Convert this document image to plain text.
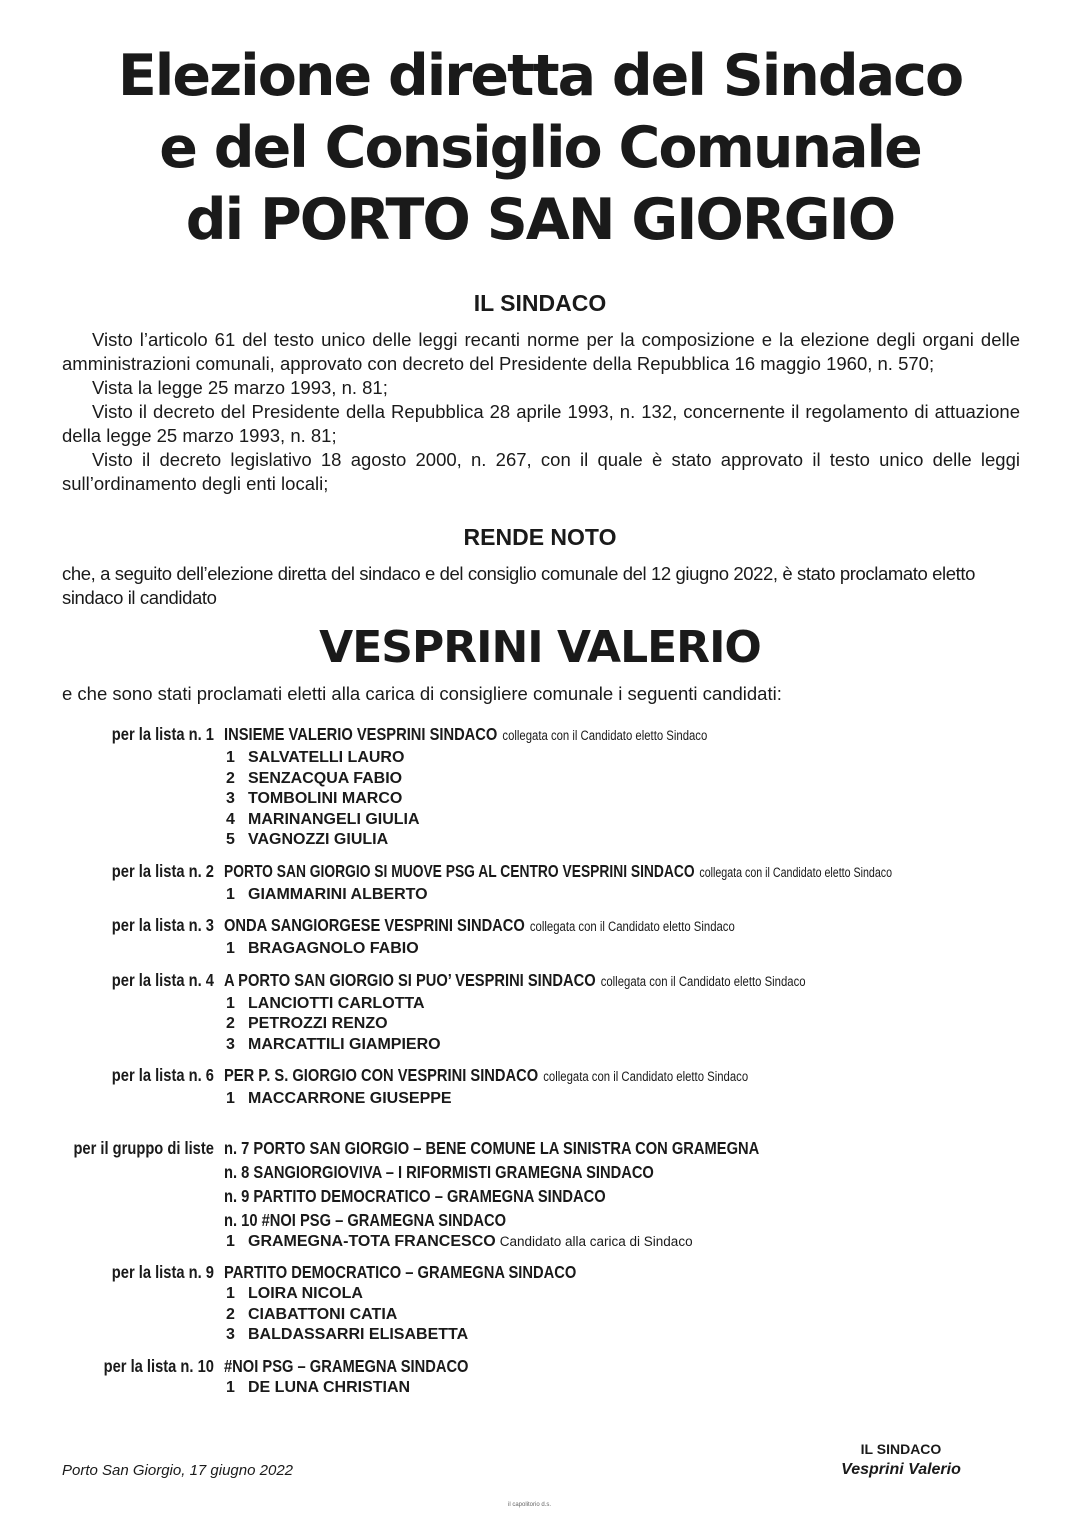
Elezione diretta del Sindaco
e del Consiglio Comunale
di PORTO SAN GIORGIO
IL SINDACO

Visto l’articolo 61 del testo unico delle leggi recanti norme per la composizione e la elezione degli organi delle amministrazioni comunali, approvato con decreto del Presidente della Repubblica 16 maggio 1960, n. 570;

Vista la legge 25 marzo 1993, n. 81;

Visto il decreto del Presidente della Repubblica 28 aprile 1993, n. 132, concernente il regolamento di attuazione della legge 25 marzo 1993, n. 81;

Visto il decreto legislativo 18 agosto 2000, n. 267, con il quale è stato approvato il testo unico delle leggi sull’ordinamento degli enti locali;

RENDE NOTO

che, a seguito dell’elezione diretta del sindaco e del consiglio comunale del 12 giugno 2022, è stato proclamato eletto sindaco il candidato

VESPRINI VALERIO
e che sono stati proclamati eletti alla carica di consigliere comunale i seguenti candidati:
per la lista n. 1 INSIEME VALERIO VESPRINI SINDACO collegata con il Candidato eletto Sindaco
1 SALVATELLI LAURO
2 SENZACQUA FABIO
3 TOMBOLINI MARCO
4 MARINANGELI GIULIA
5 VAGNOZZI GIULIA
per la lista n. 2 PORTO SAN GIORGIO SI MUOVE PSG AL CENTRO VESPRINI SINDACO collegata con il Candidato eletto Sindaco
1 GIAMMARINI ALBERTO
per la lista n. 3 ONDA SANGIORGESE VESPRINI SINDACO collegata con il Candidato eletto Sindaco
1 BRAGAGNOLO FABIO
per la lista n. 4 A PORTO SAN GIORGIO SI PUO’ VESPRINI SINDACO collegata con il Candidato eletto Sindaco
1 LANCIOTTI CARLOTTA
2 PETROZZI RENZO
3 MARCATTILI GIAMPIERO
per la lista n. 6 PER P. S. GIORGIO CON VESPRINI SINDACO collegata con il Candidato eletto Sindaco
1 MACCARRONE GIUSEPPE
per il gruppo di liste n. 7 PORTO SAN GIORGIO – BENE COMUNE LA SINISTRA CON GRAMEGNA
n. 8 SANGIORGIOVIVA – I RIFORMISTI GRAMEGNA SINDACO
n. 9 PARTITO DEMOCRATICO – GRAMEGNA SINDACO
n. 10 #NOI PSG – GRAMEGNA SINDACO
1 GRAMEGNA-TOTA FRANCESCO Candidato alla carica di Sindaco
per la lista n. 9 PARTITO DEMOCRATICO – GRAMEGNA SINDACO
1 LOIRA NICOLA
2 CIABATTONI CATIA
3 BALDASSARRI ELISABETTA
per la lista n. 10 #NOI PSG – GRAMEGNA SINDACO
1 DE LUNA CHRISTIAN
Porto San Giorgio, 17 giugno 2022
IL SINDACO
Vesprini Valerio
il capolitorio d.s.
